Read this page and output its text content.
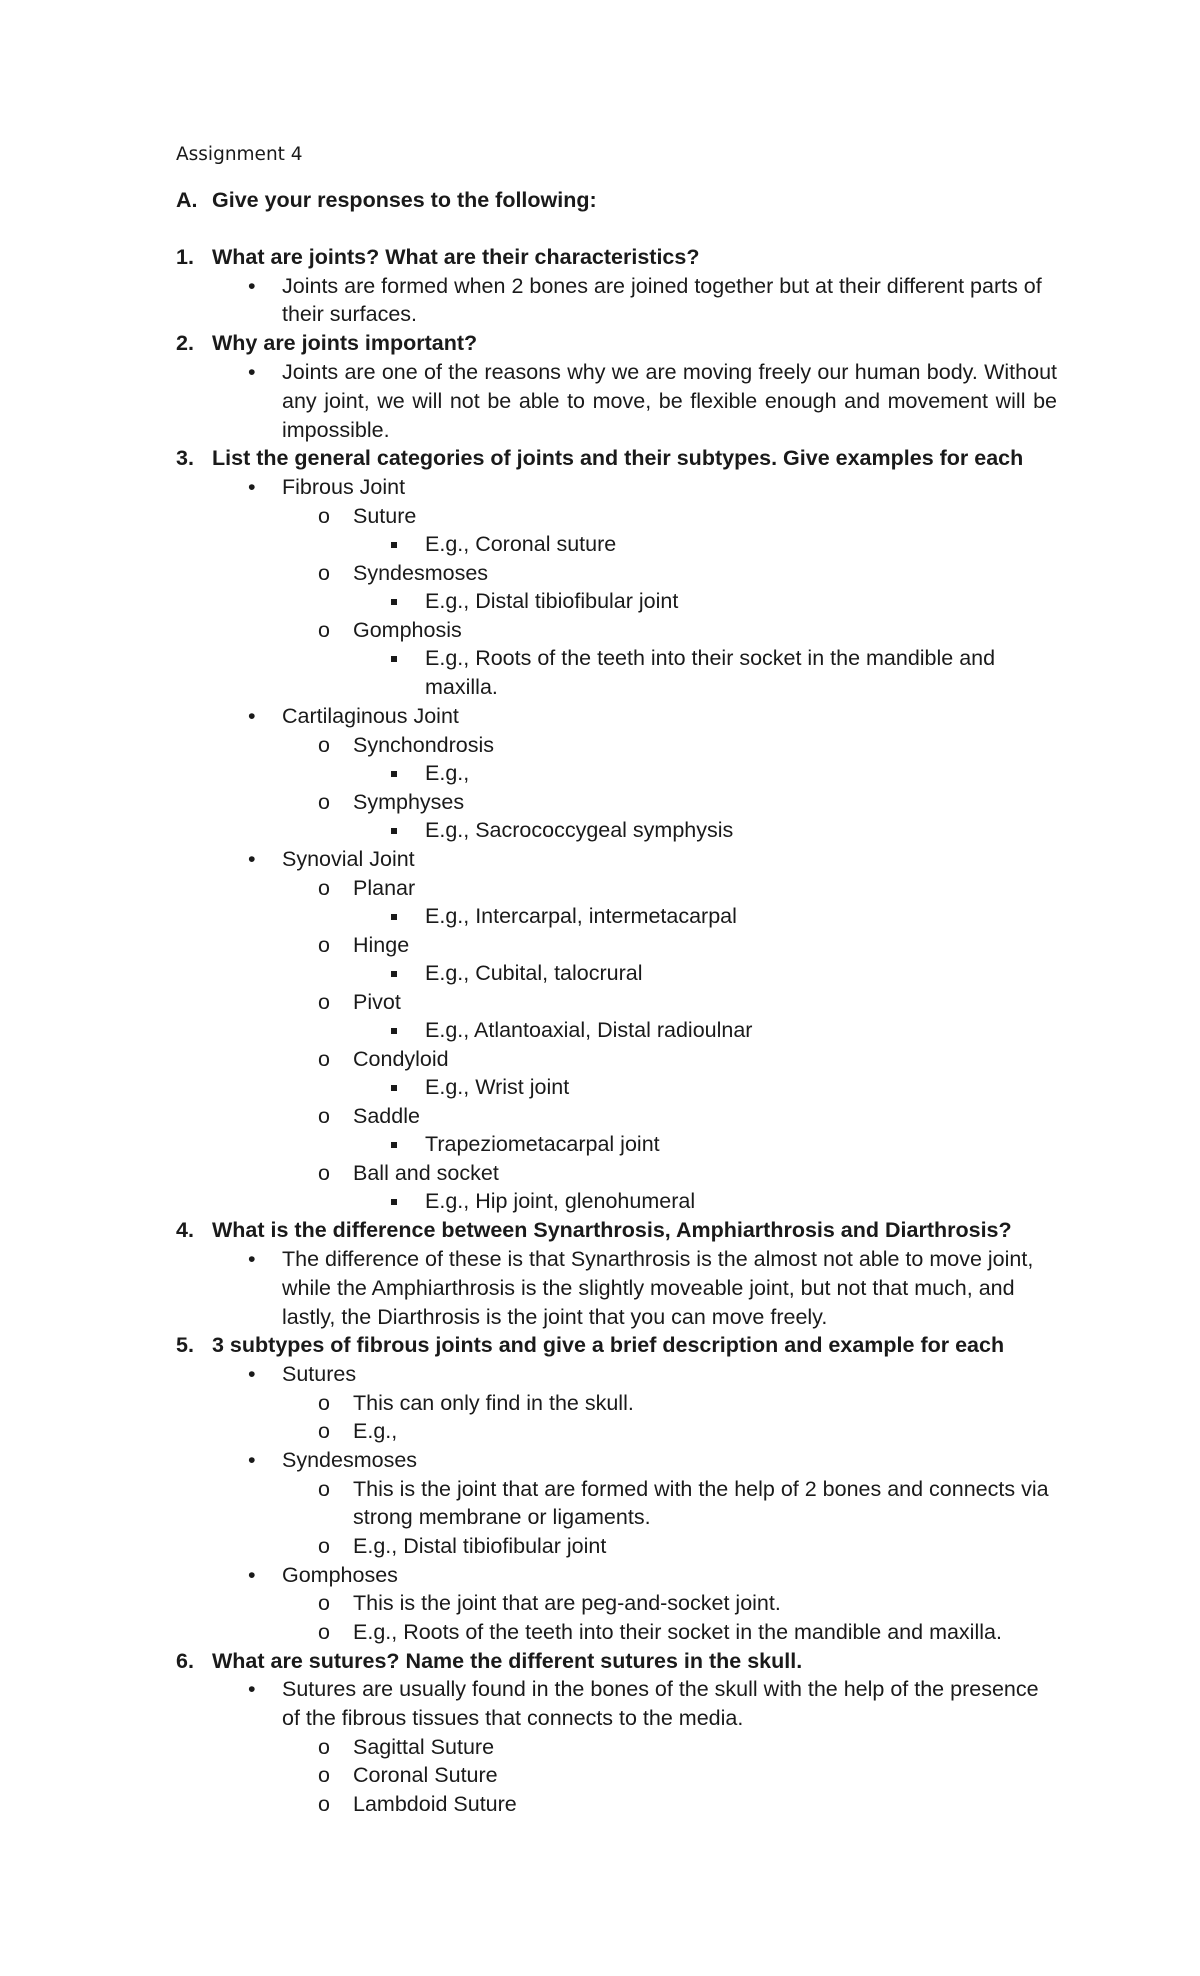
Assignment 4
A. Give your responses to the following:
1. What are joints? What are their characteristics?
• Joints are formed when 2 bones are joined together but at their different parts of
their surfaces.
2. Why are joints important?
• Joints are one of the reasons why we are moving freely our human body. Without
any joint, we will not be able to move, be flexible enough and movement will be
impossible.
3. List the general categories of joints and their subtypes. Give examples for each
• Fibrous Joint
o Suture
E.g., Coronal suture
o Syndesmoses
E.g., Distal tibiofibular joint
o Gomphosis
E.g., Roots of the teeth into their socket in the mandible and
maxilla.
• Cartilaginous Joint
o Synchondrosis
E.g.,
o Symphyses
E.g., Sacrococcygeal symphysis
• Synovial Joint
o Planar
E.g., Intercarpal, intermetacarpal
o Hinge
E.g., Cubital, talocrural
o Pivot
E.g., Atlantoaxial, Distal radioulnar
o Condyloid
E.g., Wrist joint
o Saddle
Trapeziometacarpal joint
o Ball and socket
E.g., Hip joint, glenohumeral
4. What is the difference between Synarthrosis, Amphiarthrosis and Diarthrosis?
• The difference of these is that Synarthrosis is the almost not able to move joint,
while the Amphiarthrosis is the slightly moveable joint, but not that much, and
lastly, the Diarthrosis is the joint that you can move freely.
5. 3 subtypes of fibrous joints and give a brief description and example for each
• Sutures
o This can only find in the skull.
o E.g.,
• Syndesmoses
o This is the joint that are formed with the help of 2 bones and connects via
strong membrane or ligaments.
o E.g., Distal tibiofibular joint
• Gomphoses
o This is the joint that are peg-and-socket joint.
o E.g., Roots of the teeth into their socket in the mandible and maxilla.
6. What are sutures? Name the different sutures in the skull.
• Sutures are usually found in the bones of the skull with the help of the presence
of the fibrous tissues that connects to the media.
o Sagittal Suture
o Coronal Suture
o Lambdoid Suture
